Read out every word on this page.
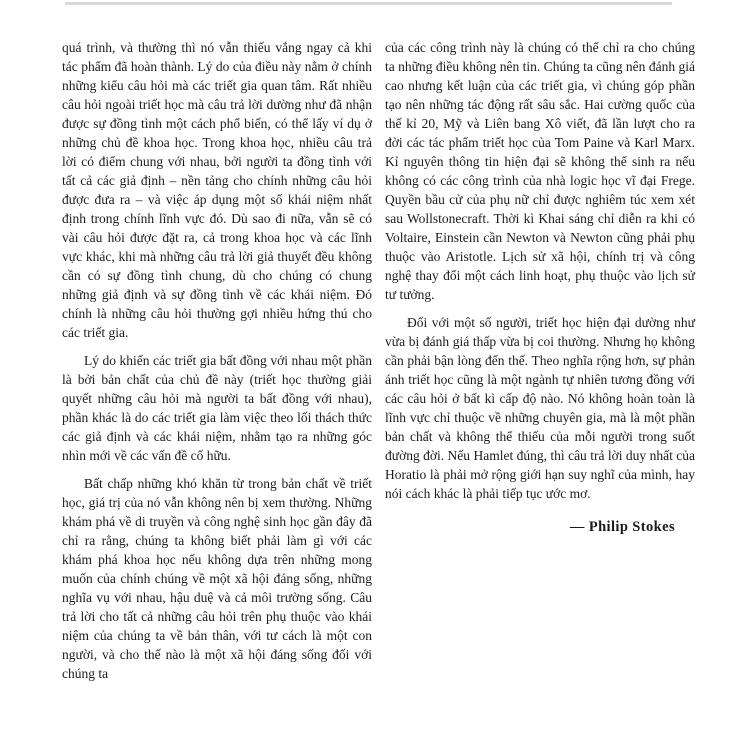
quá trình, và thường thì nó vẫn thiếu vắng ngay cả khi tác phẩm đã hoàn thành. Lý do của điều này nằm ở chính những kiểu câu hỏi mà các triết gia quan tâm. Rất nhiều câu hỏi ngoài triết học mà câu trả lời dường như đã nhận được sự đồng tình một cách phổ biến, có thể lấy ví dụ ở những chủ đề khoa học. Trong khoa học, nhiều câu trả lời có điểm chung với nhau, bởi người ta đồng tình với tất cả các giả định – nền tảng cho chính những câu hỏi được đưa ra – và việc áp dụng một số khái niệm nhất định trong chính lĩnh vực đó. Dù sao đi nữa, vẫn sẽ có vài câu hỏi được đặt ra, cả trong khoa học và các lĩnh vực khác, khi mà những câu trả lời giả thuyết đều không cần có sự đồng tình chung, dù cho chúng có chung những giả định và sự đồng tình về các khái niệm. Đó chính là những câu hỏi thường gợi nhiều hứng thú cho các triết gia.

Lý do khiến các triết gia bất đồng với nhau một phần là bởi bản chất của chủ đề này (triết học thường giải quyết những câu hỏi mà người ta bất đồng với nhau), phần khác là do các triết gia làm việc theo lối thách thức các giả định và các khái niệm, nhằm tạo ra những góc nhìn mới về các vấn đề cố hữu.

Bất chấp những khó khăn từ trong bản chất về triết học, giá trị của nó vẫn không nên bị xem thường. Những khám phá về di truyền và công nghệ sinh học gần đây đã chỉ ra rằng, chúng ta không biết phải làm gì với các khám phá khoa học nếu không dựa trên những mong muốn của chính chúng về một xã hội đáng sống, những nghĩa vụ với nhau, hậu duệ và cả môi trường sống. Câu trả lời cho tất cả những câu hỏi trên phụ thuộc vào khái niệm của chúng ta về bản thân, với tư cách là một con người, và cho thế nào là một xã hội đáng sống đối với chúng ta

của các công trình này là chúng có thể chỉ ra cho chúng ta những điều không nên tin. Chúng ta cũng nên đánh giá cao nhưng kết luận của các triết gia, vì chúng góp phần tạo nên những tác động rất sâu sắc. Hai cường quốc của thế kỉ 20, Mỹ và Liên bang Xô viết, đã lần lượt cho ra đời các tác phẩm triết học của Tom Paine và Karl Marx. Kỉ nguyên thông tin hiện đại sẽ không thể sinh ra nếu không có các công trình của nhà logic học vĩ đại Frege. Quyền bầu cử của phụ nữ chỉ được nghiêm túc xem xét sau Wollstonecraft. Thời kì Khai sáng chỉ diễn ra khi có Voltaire, Einstein cần Newton và Newton cũng phải phụ thuộc vào Aristotle. Lịch sử xã hội, chính trị và công nghệ thay đổi một cách linh hoạt, phụ thuộc vào lịch sử tư tưởng.

Đối với một số người, triết học hiện đại dường như vừa bị đánh giá thấp vừa bị coi thường. Nhưng họ không cần phải bận lòng đến thế. Theo nghĩa rộng hơn, sự phản ánh triết học cũng là một ngành tự nhiên tương đồng với các câu hỏi ở bất kì cấp độ nào. Nó không hoàn toàn là lĩnh vực chỉ thuộc về những chuyên gia, mà là một phần bản chất và không thể thiếu của mỗi người trong suốt đường đời. Nếu Hamlet đúng, thì câu trả lời duy nhất của Horatio là phải mở rộng giới hạn suy nghĩ của mình, hay nói cách khác là phải tiếp tục ước mơ.

— Philip Stokes
